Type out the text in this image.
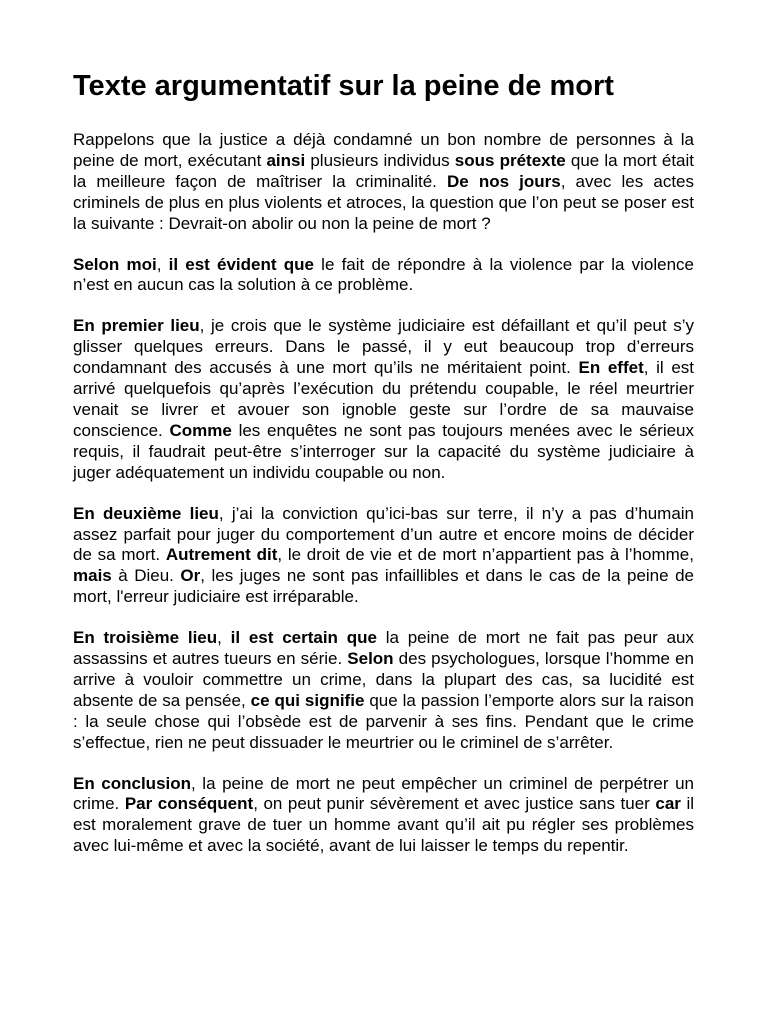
Texte argumentatif sur la peine de mort

Rappelons que la justice a déjà condamné un bon nombre de personnes à la peine de mort, exécutant ainsi plusieurs individus sous prétexte que la mort était la meilleure façon de maîtriser la criminalité. De nos jours, avec les actes criminels de plus en plus violents et atroces, la question que l’on peut se poser est la suivante : Devrait-on abolir ou non la peine de mort ?

Selon moi, il est évident que le fait de répondre à la violence par la violence n’est en aucun cas la solution à ce problème.

En premier lieu, je crois que le système judiciaire est défaillant et qu’il peut s’y glisser quelques erreurs. Dans le passé, il y eut beaucoup trop d’erreurs condamnant des accusés à une mort qu’ils ne méritaient point. En effet, il est arrivé quelquefois qu’après l’exécution du prétendu coupable, le réel meurtrier venait se livrer et avouer son ignoble geste sur l’ordre de sa mauvaise conscience. Comme les enquêtes ne sont pas toujours menées avec le sérieux requis, il faudrait peut-être s’interroger sur la capacité du système judiciaire à juger adéquatement un individu coupable ou non.

En deuxième lieu, j’ai la conviction qu’ici-bas sur terre, il n’y a pas d’humain assez parfait pour juger du comportement d’un autre et encore moins de décider de sa mort. Autrement dit, le droit de vie et de mort n’appartient pas à l’homme, mais à Dieu. Or, les juges ne sont pas infaillibles et dans le cas de la peine de mort, l'erreur judiciaire est irréparable.

En troisième lieu, il est certain que la peine de mort ne fait pas peur aux assassins et autres tueurs en série. Selon des psychologues, lorsque l’homme en arrive à vouloir commettre un crime, dans la plupart des cas, sa lucidité est absente de sa pensée, ce qui signifie que la passion l’emporte alors sur la raison : la seule chose qui l’obsède est de parvenir à ses fins. Pendant que le crime s’effectue, rien ne peut dissuader le meurtrier ou le criminel de s’arrêter.

En conclusion, la peine de mort ne peut empêcher un criminel de perpétrer un crime. Par conséquent, on peut punir sévèrement et avec justice sans tuer car il est moralement grave de tuer un homme avant qu’il ait pu régler ses problèmes avec lui-même et avec la société, avant de lui laisser le temps du repentir.
